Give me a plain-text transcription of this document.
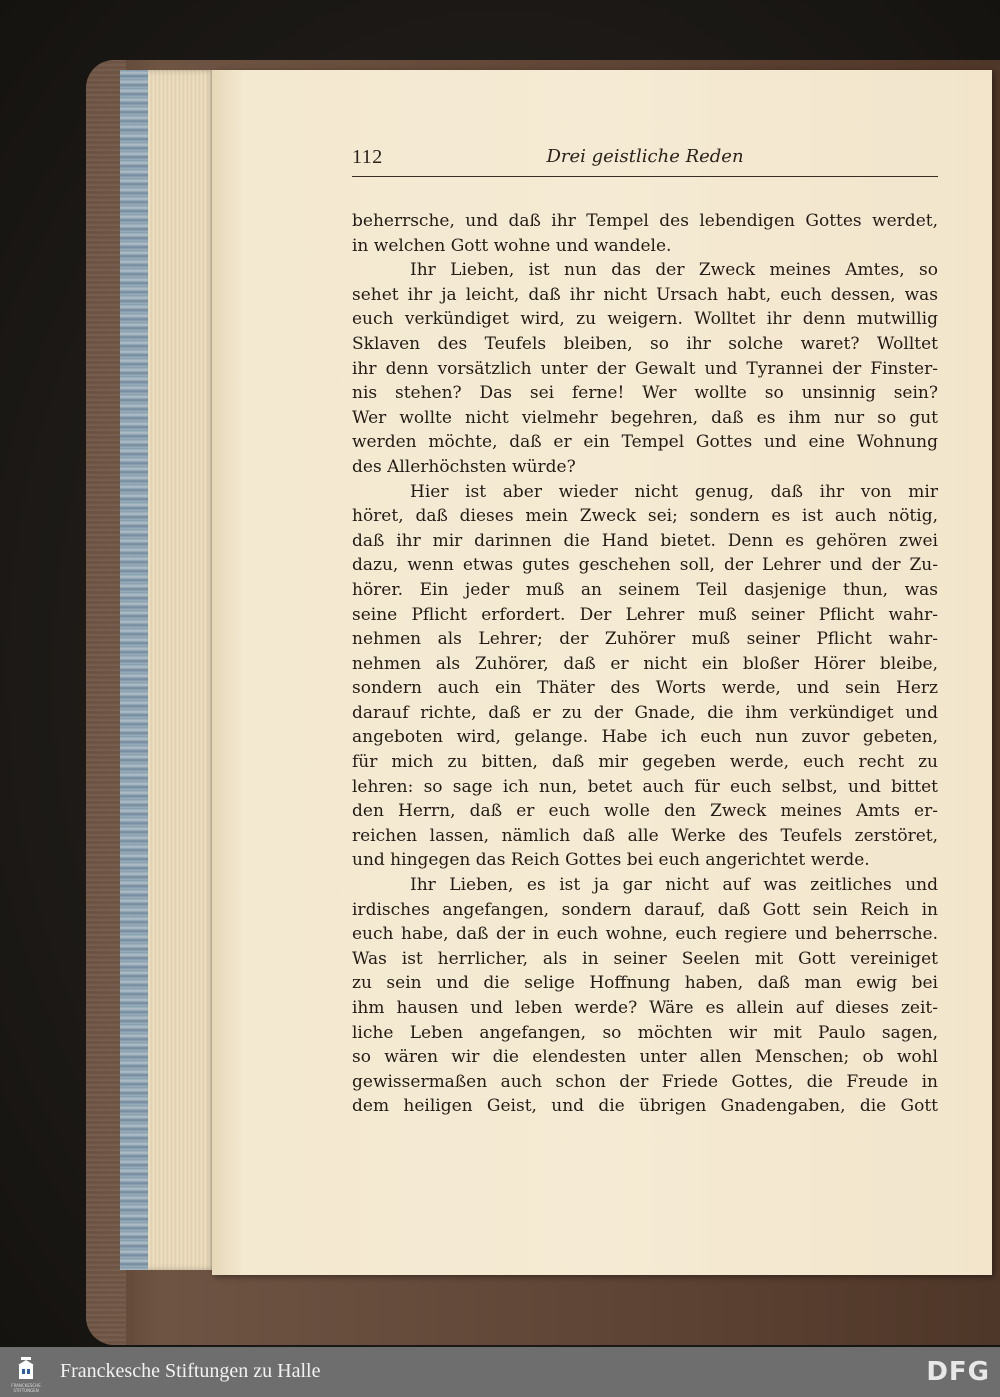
112	Drei geistliche Reden
beherrsche, und daß ihr Tempel des lebendigen Gottes werdet,
in welchen Gott wohne und wandele.
Ihr Lieben, ist nun das der Zweck meines Amtes, so
sehet ihr ja leicht, daß ihr nicht Ursach habt, euch dessen, was
euch verkündiget wird, zu weigern. Wolltet ihr denn mutwillig
Sklaven des Teufels bleiben, so ihr solche waret? Wolltet
ihr denn vorsätzlich unter der Gewalt und Tyrannei der Finster-
nis stehen? Das sei ferne! Wer wollte so unsinnig sein?
Wer wollte nicht vielmehr begehren, daß es ihm nur so gut
werden möchte, daß er ein Tempel Gottes und eine Wohnung
des Allerhöchsten würde?
Hier ist aber wieder nicht genug, daß ihr von mir
höret, daß dieses mein Zweck sei; sondern es ist auch nötig,
daß ihr mir darinnen die Hand bietet. Denn es gehören zwei
dazu, wenn etwas gutes geschehen soll, der Lehrer und der Zu-
hörer. Ein jeder muß an seinem Teil dasjenige thun, was
seine Pflicht erfordert. Der Lehrer muß seiner Pflicht wahr-
nehmen als Lehrer; der Zuhörer muß seiner Pflicht wahr-
nehmen als Zuhörer, daß er nicht ein bloßer Hörer bleibe,
sondern auch ein Thäter des Worts werde, und sein Herz
darauf richte, daß er zu der Gnade, die ihm verkündiget und
angeboten wird, gelange. Habe ich euch nun zuvor gebeten,
für mich zu bitten, daß mir gegeben werde, euch recht zu
lehren: so sage ich nun, betet auch für euch selbst, und bittet
den Herrn, daß er euch wolle den Zweck meines Amts er-
reichen lassen, nämlich daß alle Werke des Teufels zerstöret,
und hingegen das Reich Gottes bei euch angerichtet werde.
Ihr Lieben, es ist ja gar nicht auf was zeitliches und
irdisches angefangen, sondern darauf, daß Gott sein Reich in
euch habe, daß der in euch wohne, euch regiere und beherrsche.
Was ist herrlicher, als in seiner Seelen mit Gott vereiniget
zu sein und die selige Hoffnung haben, daß man ewig bei
ihm hausen und leben werde? Wäre es allein auf dieses zeit-
liche Leben angefangen, so möchten wir mit Paulo sagen,
so wären wir die elendesten unter allen Menschen; ob wohl
gewissermaßen auch schon der Friede Gottes, die Freude in
dem heiligen Geist, und die übrigen Gnadengaben, die Gott
FRANCKESCHE STIFTUNGEN
Franckesche Stiftungen zu Halle	DFG
